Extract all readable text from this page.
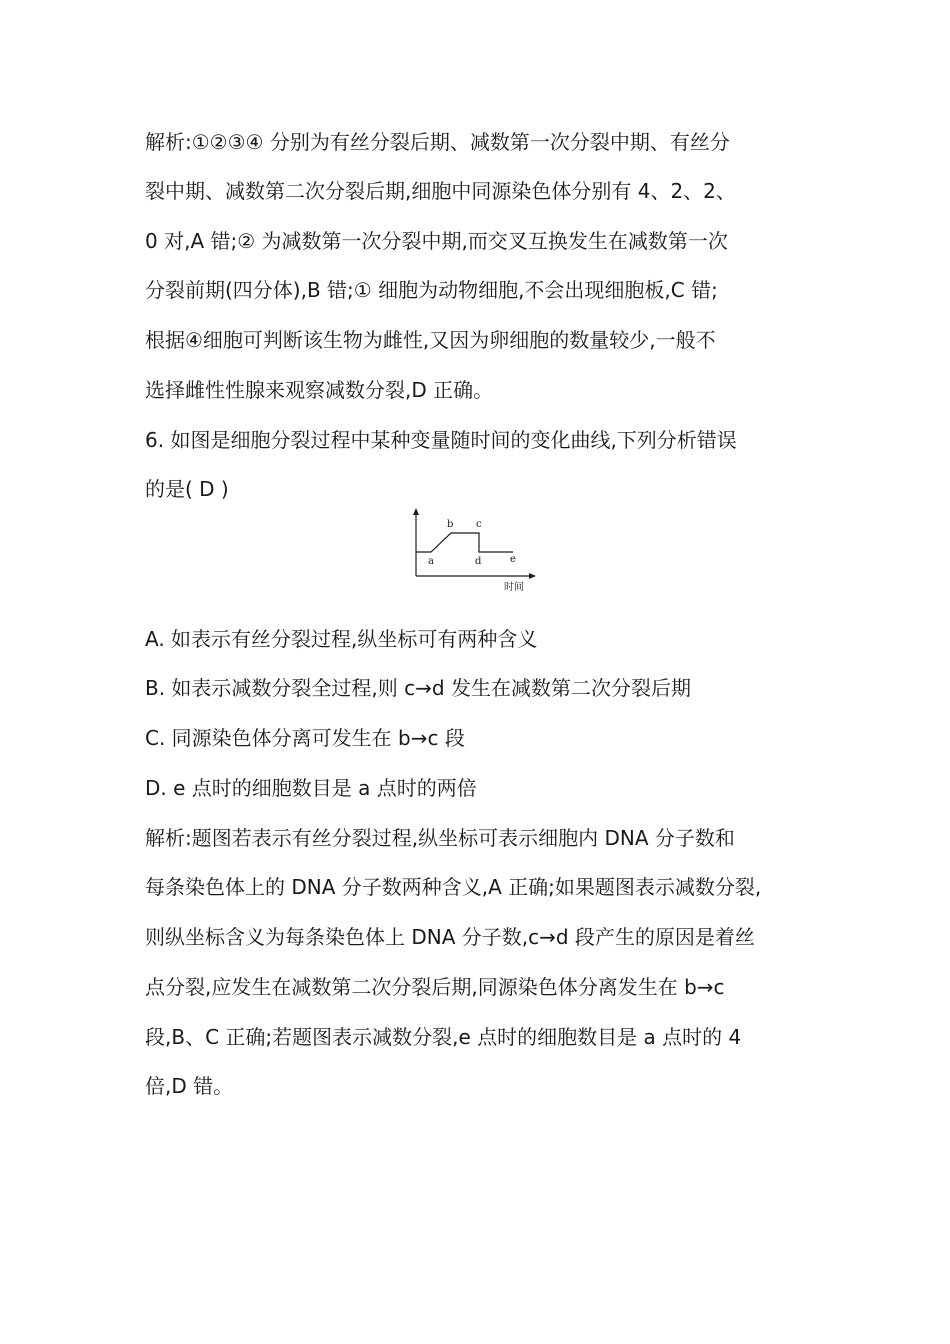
解析:①②③④ 分别为有丝分裂后期、减数第一次分裂中期、有丝分
裂中期、减数第二次分裂后期,细胞中同源染色体分别有 4、2、2、
0 对,A 错;② 为减数第一次分裂中期,而交叉互换发生在减数第一次
分裂前期(四分体),B 错;① 细胞为动物细胞,不会出现细胞板,C 错;
根据④细胞可判断该生物为雌性,又因为卵细胞的数量较少,一般不
选择雌性性腺来观察减数分裂,D 正确。
6. 如图是细胞分裂过程中某种变量随时间的变化曲线,下列分析错误
的是( D )
a
b c
d	e
时间
A. 如表示有丝分裂过程,纵坐标可有两种含义
B. 如表示减数分裂全过程,则 c→d 发生在减数第二次分裂后期
C. 同源染色体分离可发生在 b→c 段
D. e 点时的细胞数目是 a 点时的两倍
解析:题图若表示有丝分裂过程,纵坐标可表示细胞内 DNA 分子数和
每条染色体上的 DNA 分子数两种含义,A 正确;如果题图表示减数分裂,
则纵坐标含义为每条染色体上 DNA 分子数,c→d 段产生的原因是着丝
点分裂,应发生在减数第二次分裂后期,同源染色体分离发生在 b→c
段,B、C 正确;若题图表示减数分裂,e 点时的细胞数目是 a 点时的 4
倍,D 错。
